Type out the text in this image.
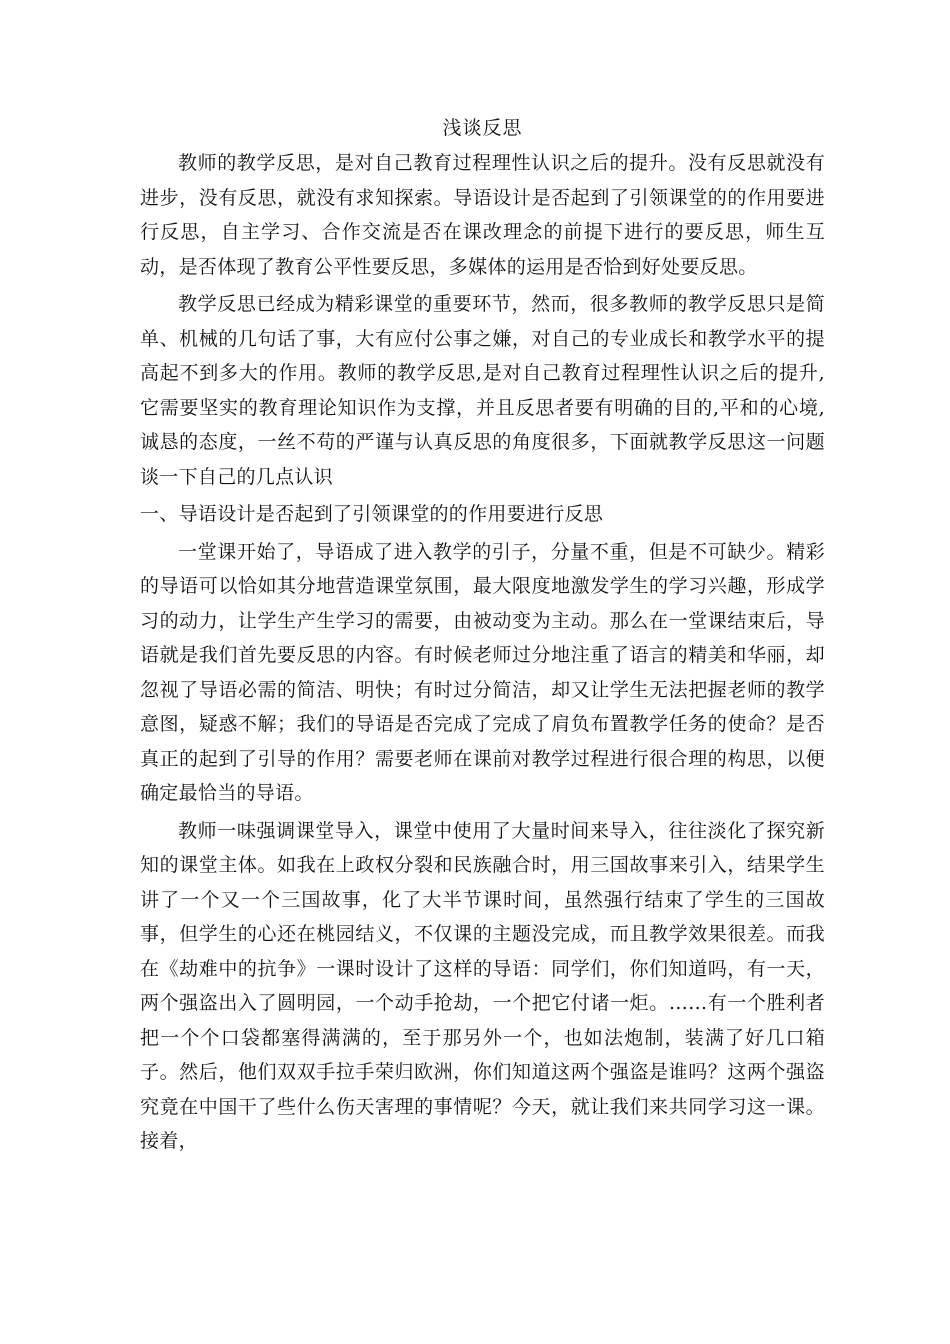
浅谈反思

教师的教学反思，是对自己教育过程理性认识之后的提升。没有反思就没有进步，没有反思，就没有求知探索。导语设计是否起到了引领课堂的的作用要进行反思，自主学习、合作交流是否在课改理念的前提下进行的要反思，师生互动，是否体现了教育公平性要反思，多媒体的运用是否恰到好处要反思。

教学反思已经成为精彩课堂的重要环节，然而，很多教师的教学反思只是简单、机械的几句话了事，大有应付公事之嫌，对自己的专业成长和教学水平的提高起不到多大的作用。教师的教学反思,是对自己教育过程理性认识之后的提升,它需要坚实的教育理论知识作为支撑，并且反思者要有明确的目的,平和的心境,诚恳的态度，一丝不苟的严谨与认真反思的角度很多，下面就教学反思这一问题谈一下自己的几点认识

一、导语设计是否起到了引领课堂的的作用要进行反思

一堂课开始了，导语成了进入教学的引子，分量不重，但是不可缺少。精彩的导语可以恰如其分地营造课堂氛围，最大限度地激发学生的学习兴趣，形成学习的动力，让学生产生学习的需要，由被动变为主动。那么在一堂课结束后，导语就是我们首先要反思的内容。有时候老师过分地注重了语言的精美和华丽，却忽视了导语必需的简洁、明快；有时过分简洁，却又让学生无法把握老师的教学意图，疑惑不解；我们的导语是否完成了完成了肩负布置教学任务的使命？是否真正的起到了引导的作用？需要老师在课前对教学过程进行很合理的构思，以便确定最恰当的导语。

教师一味强调课堂导入，课堂中使用了大量时间来导入，往往淡化了探究新知的课堂主体。如我在上政权分裂和民族融合时，用三国故事来引入，结果学生讲了一个又一个三国故事，化了大半节课时间，虽然强行结束了学生的三国故事，但学生的心还在桃园结义，不仅课的主题没完成，而且教学效果很差。而我在《劫难中的抗争》一课时设计了这样的导语：同学们，你们知道吗，有一天，两个强盗出入了圆明园，一个动手抢劫，一个把它付诸一炬。……有一个胜利者把一个个口袋都塞得满满的，至于那另外一个，也如法炮制，装满了好几口箱子。然后，他们双双手拉手荣归欧洲，你们知道这两个强盗是谁吗？这两个强盗究竟在中国干了些什么伤天害理的事情呢？今天，就让我们来共同学习这一课。接着，
